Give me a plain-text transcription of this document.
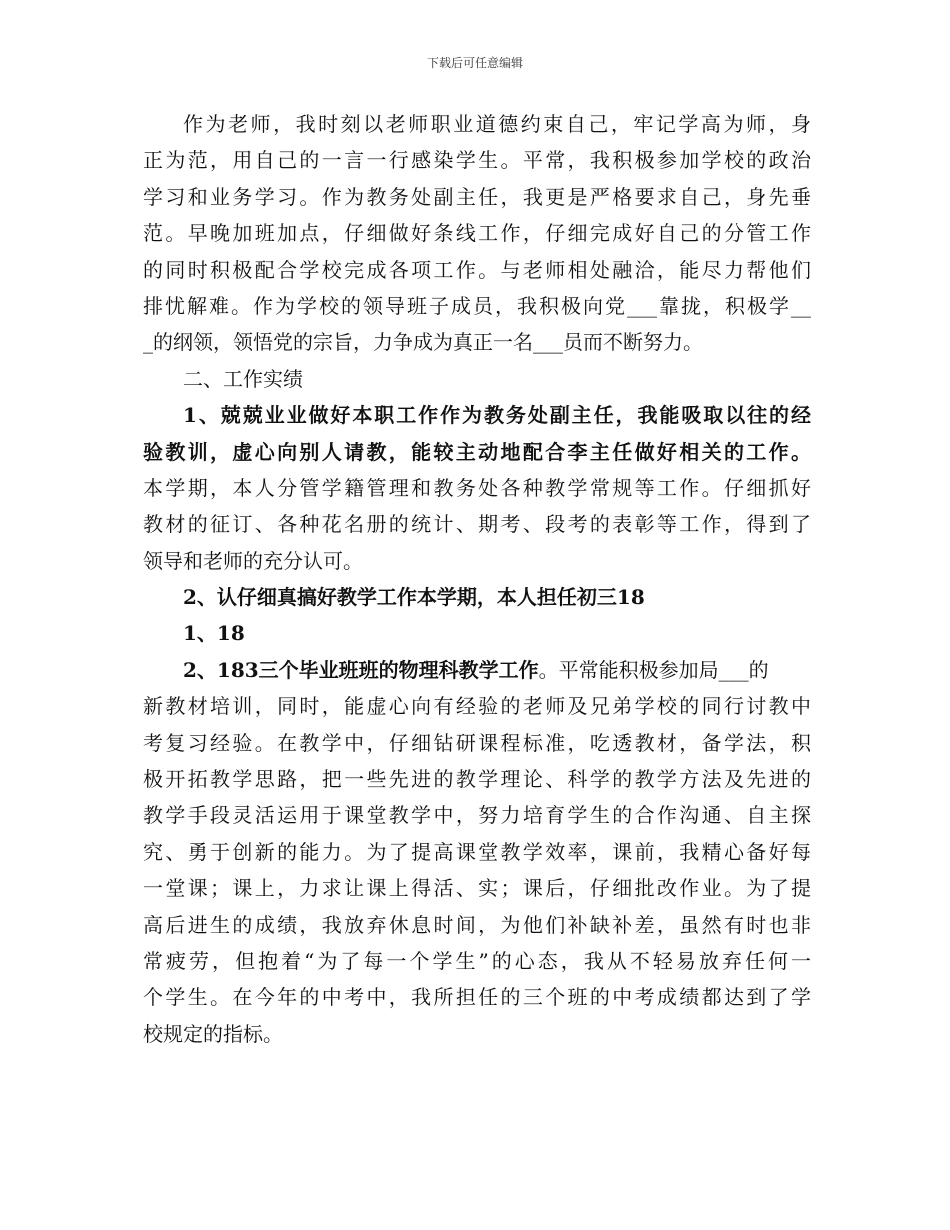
下载后可任意编辑
作为老师，我时刻以老师职业道德约束自己，牢记学高为师，身
正为范，用自己的一言一行感染学生。平常，我积极参加学校的政治
学习和业务学习。作为教务处副主任，我更是严格要求自己，身先垂
范。早晚加班加点，仔细做好条线工作，仔细完成好自己的分管工作
的同时积极配合学校完成各项工作。与老师相处融洽，能尽力帮他们
排忧解难。作为学校的领导班子成员，我积极向党___靠拢，积极学__
_的纲领，领悟党的宗旨，力争成为真正一名___员而不断努力。
二、工作实绩
1、兢兢业业做好本职工作作为教务处副主任，我能吸取以往的经
验教训，虚心向别人请教，能较主动地配合李主任做好相关的工作。
本学期，本人分管学籍管理和教务处各种教学常规等工作。仔细抓好
教材的征订、各种花名册的统计、期考、段考的表彰等工作，得到了
领导和老师的充分认可。
2、认仔细真搞好教学工作本学期，本人担任初三18
1、18
2、183三个毕业班班的物理科教学工作。平常能积极参加局___的
新教材培训，同时，能虚心向有经验的老师及兄弟学校的同行讨教中
考复习经验。在教学中，仔细钻研课程标准，吃透教材，备学法，积
极开拓教学思路，把一些先进的教学理论、科学的教学方法及先进的
教学手段灵活运用于课堂教学中，努力培育学生的合作沟通、自主探
究、勇于创新的能力。为了提高课堂教学效率，课前，我精心备好每
一堂课；课上，力求让课上得活、实；课后，仔细批改作业。为了提
高后进生的成绩，我放弃休息时间，为他们补缺补差，虽然有时也非
常疲劳，但抱着“为了每一个学生”的心态，我从不轻易放弃任何一
个学生。在今年的中考中，我所担任的三个班的中考成绩都达到了学
校规定的指标。
